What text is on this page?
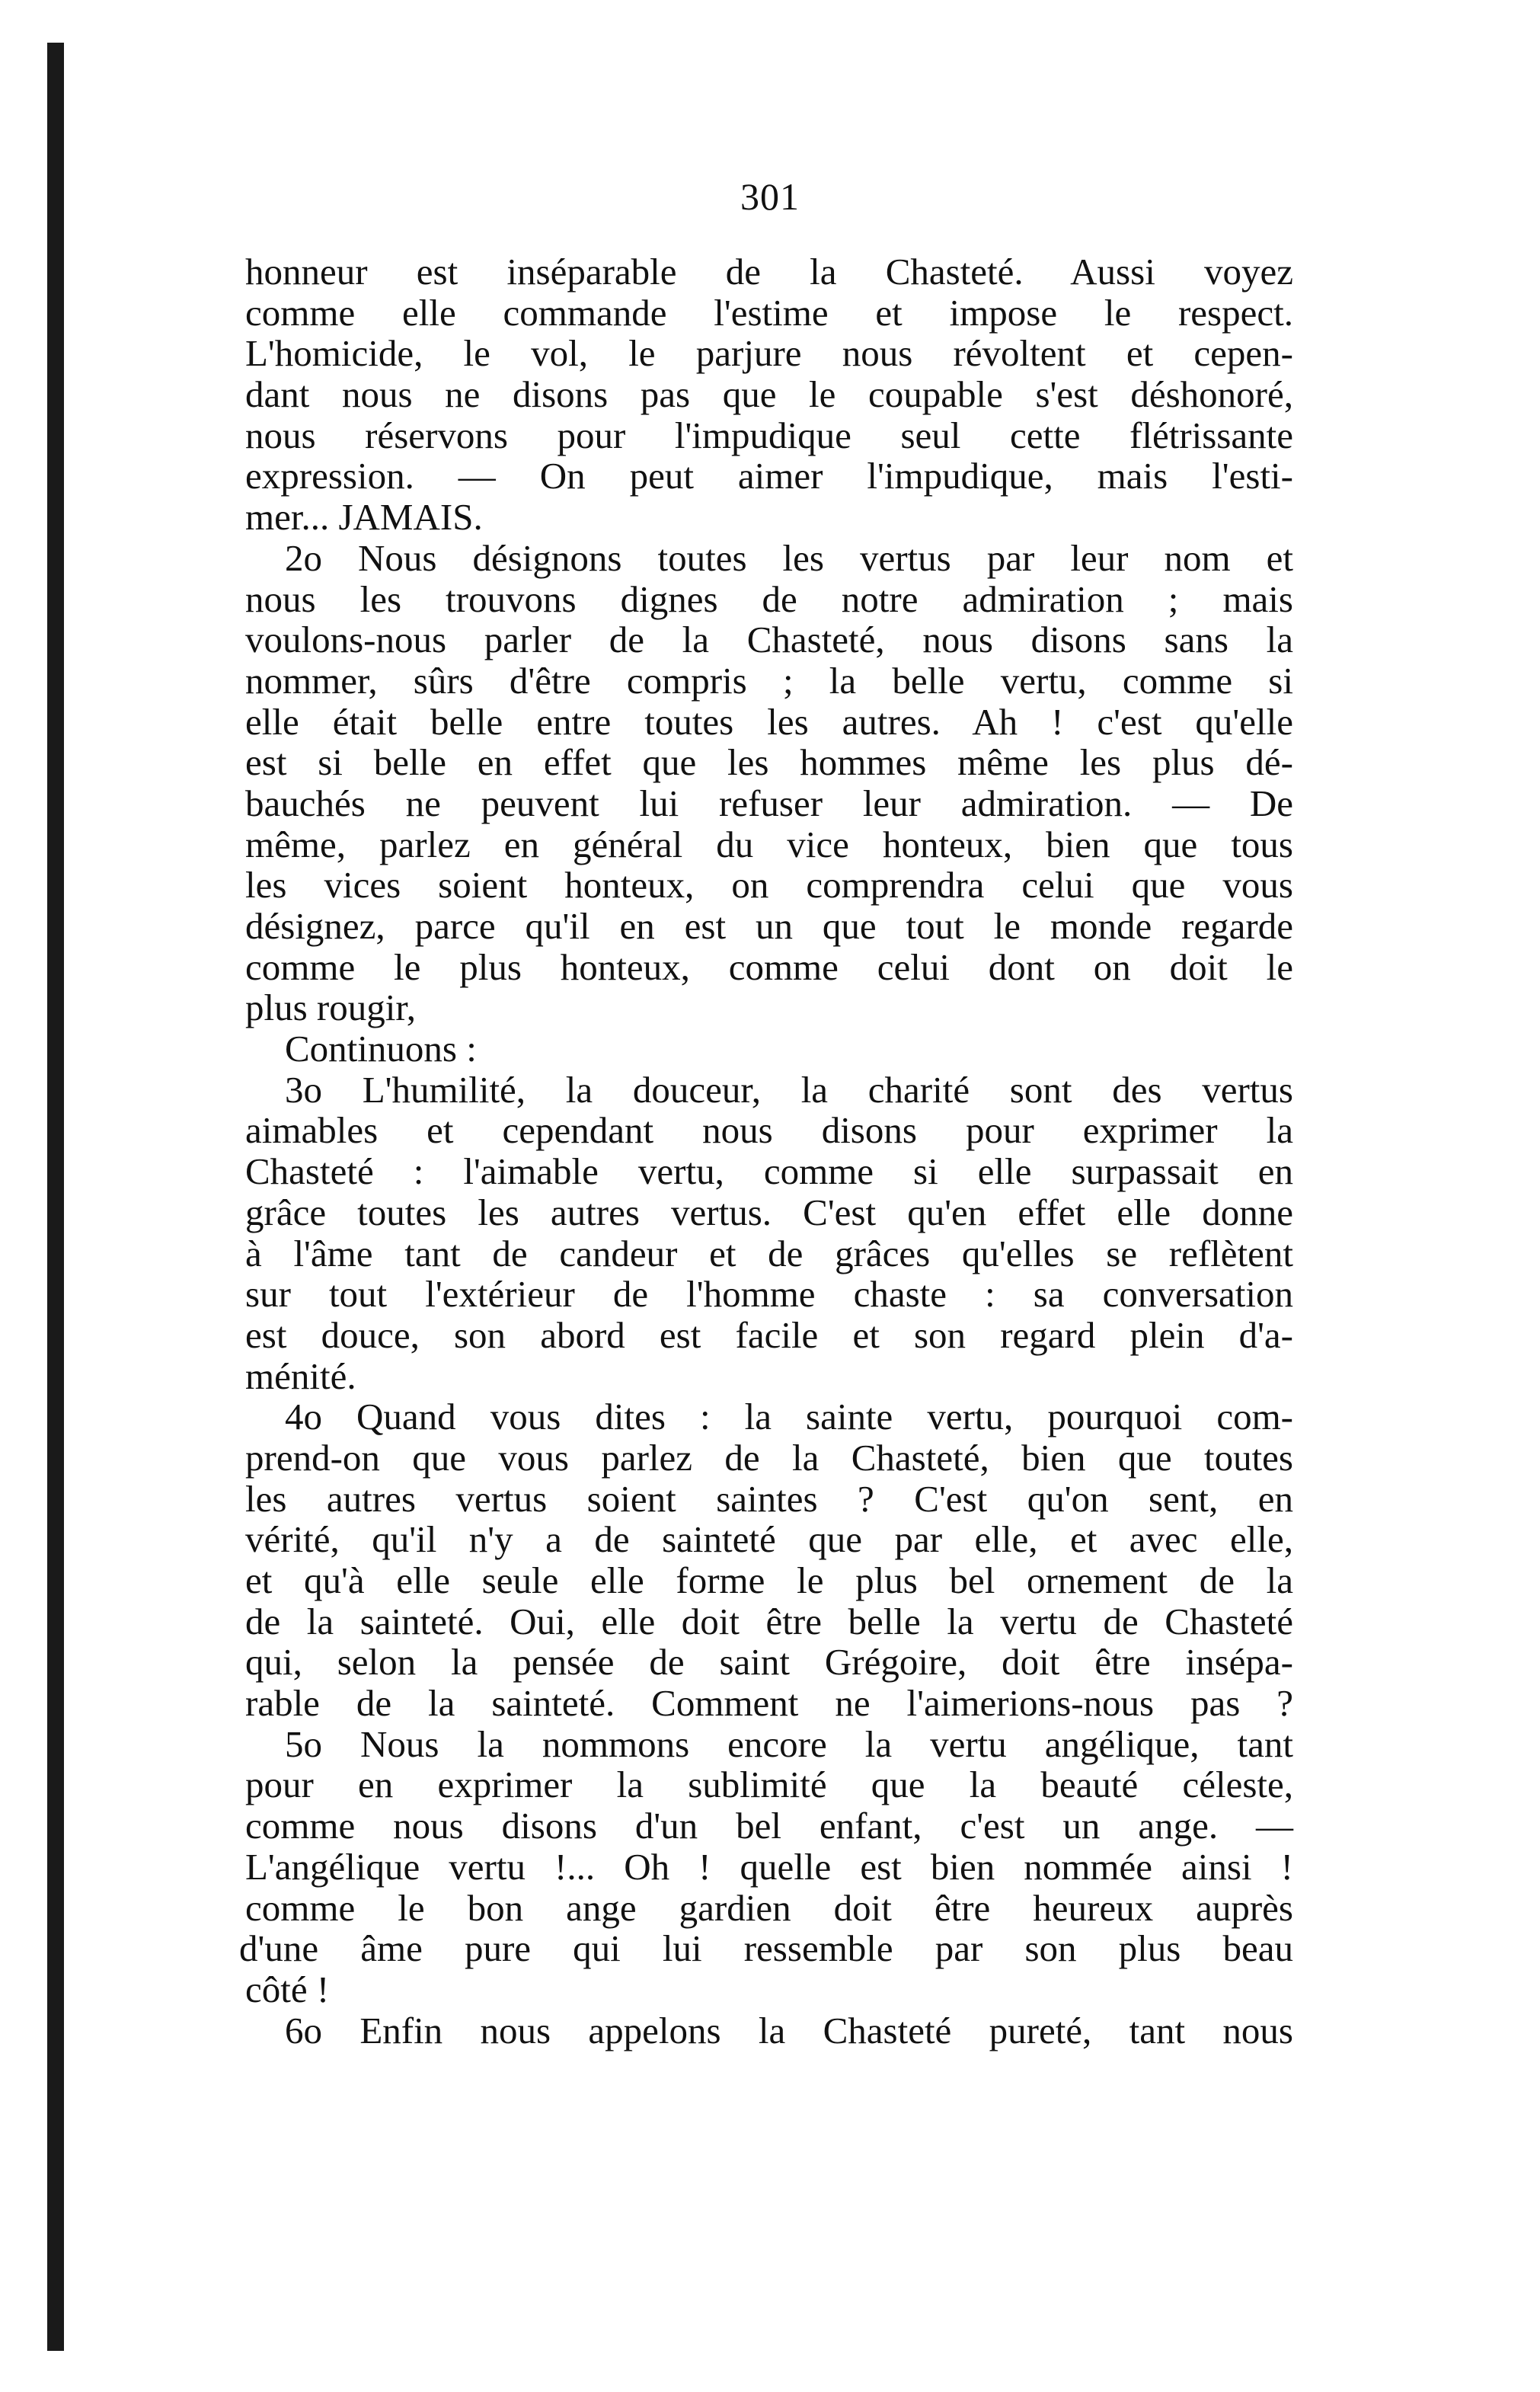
301
honneur est inséparable de la Chasteté. Aussi voyez
comme elle commande l'estime et impose le respect.
L'homicide, le vol, le parjure nous révoltent et cepen-
dant nous ne disons pas que le coupable s'est déshonoré,
nous réservons pour l'impudique seul cette flétrissante
expression. — On peut aimer l'impudique, mais l'esti-
mer... JAMAIS.
2o Nous désignons toutes les vertus par leur nom et
nous les trouvons dignes de notre admiration ; mais
voulons-nous parler de la Chasteté, nous disons sans la
nommer, sûrs d'être compris ; la belle vertu, comme si
elle était belle entre toutes les autres. Ah ! c'est qu'elle
est si belle en effet que les hommes même les plus dé-
bauchés ne peuvent lui refuser leur admiration. — De
même, parlez en général du vice honteux, bien que tous
les vices soient honteux, on comprendra celui que vous
désignez, parce qu'il en est un que tout le monde regarde
comme le plus honteux, comme celui dont on doit le
plus rougir,
Continuons :
3o L'humilité, la douceur, la charité sont des vertus
aimables et cependant nous disons pour exprimer la
Chasteté : l'aimable vertu, comme si elle surpassait en
grâce toutes les autres vertus. C'est qu'en effet elle donne
à l'âme tant de candeur et de grâces qu'elles se reflètent
sur tout l'extérieur de l'homme chaste : sa conversation
est douce, son abord est facile et son regard plein d'a-
ménité.
4o Quand vous dites : la sainte vertu, pourquoi com-
prend-on que vous parlez de la Chasteté, bien que toutes
les autres vertus soient saintes ? C'est qu'on sent, en
vérité, qu'il n'y a de sainteté que par elle, et avec elle,
et qu'à elle seule elle forme le plus bel ornement de la
de la sainteté. Oui, elle doit être belle la vertu de Chasteté
qui, selon la pensée de saint Grégoire, doit être insépa-
rable de la sainteté. Comment ne l'aimerions-nous pas ?
5o Nous la nommons encore la vertu angélique, tant
pour en exprimer la sublimité que la beauté céleste,
comme nous disons d'un bel enfant, c'est un ange. —
L'angélique vertu !... Oh ! quelle est bien nommée ainsi !
comme le bon ange gardien doit être heureux auprès
d'une âme pure qui lui ressemble par son plus beau
côté !
6o Enfin nous appelons la Chasteté pureté, tant nous
